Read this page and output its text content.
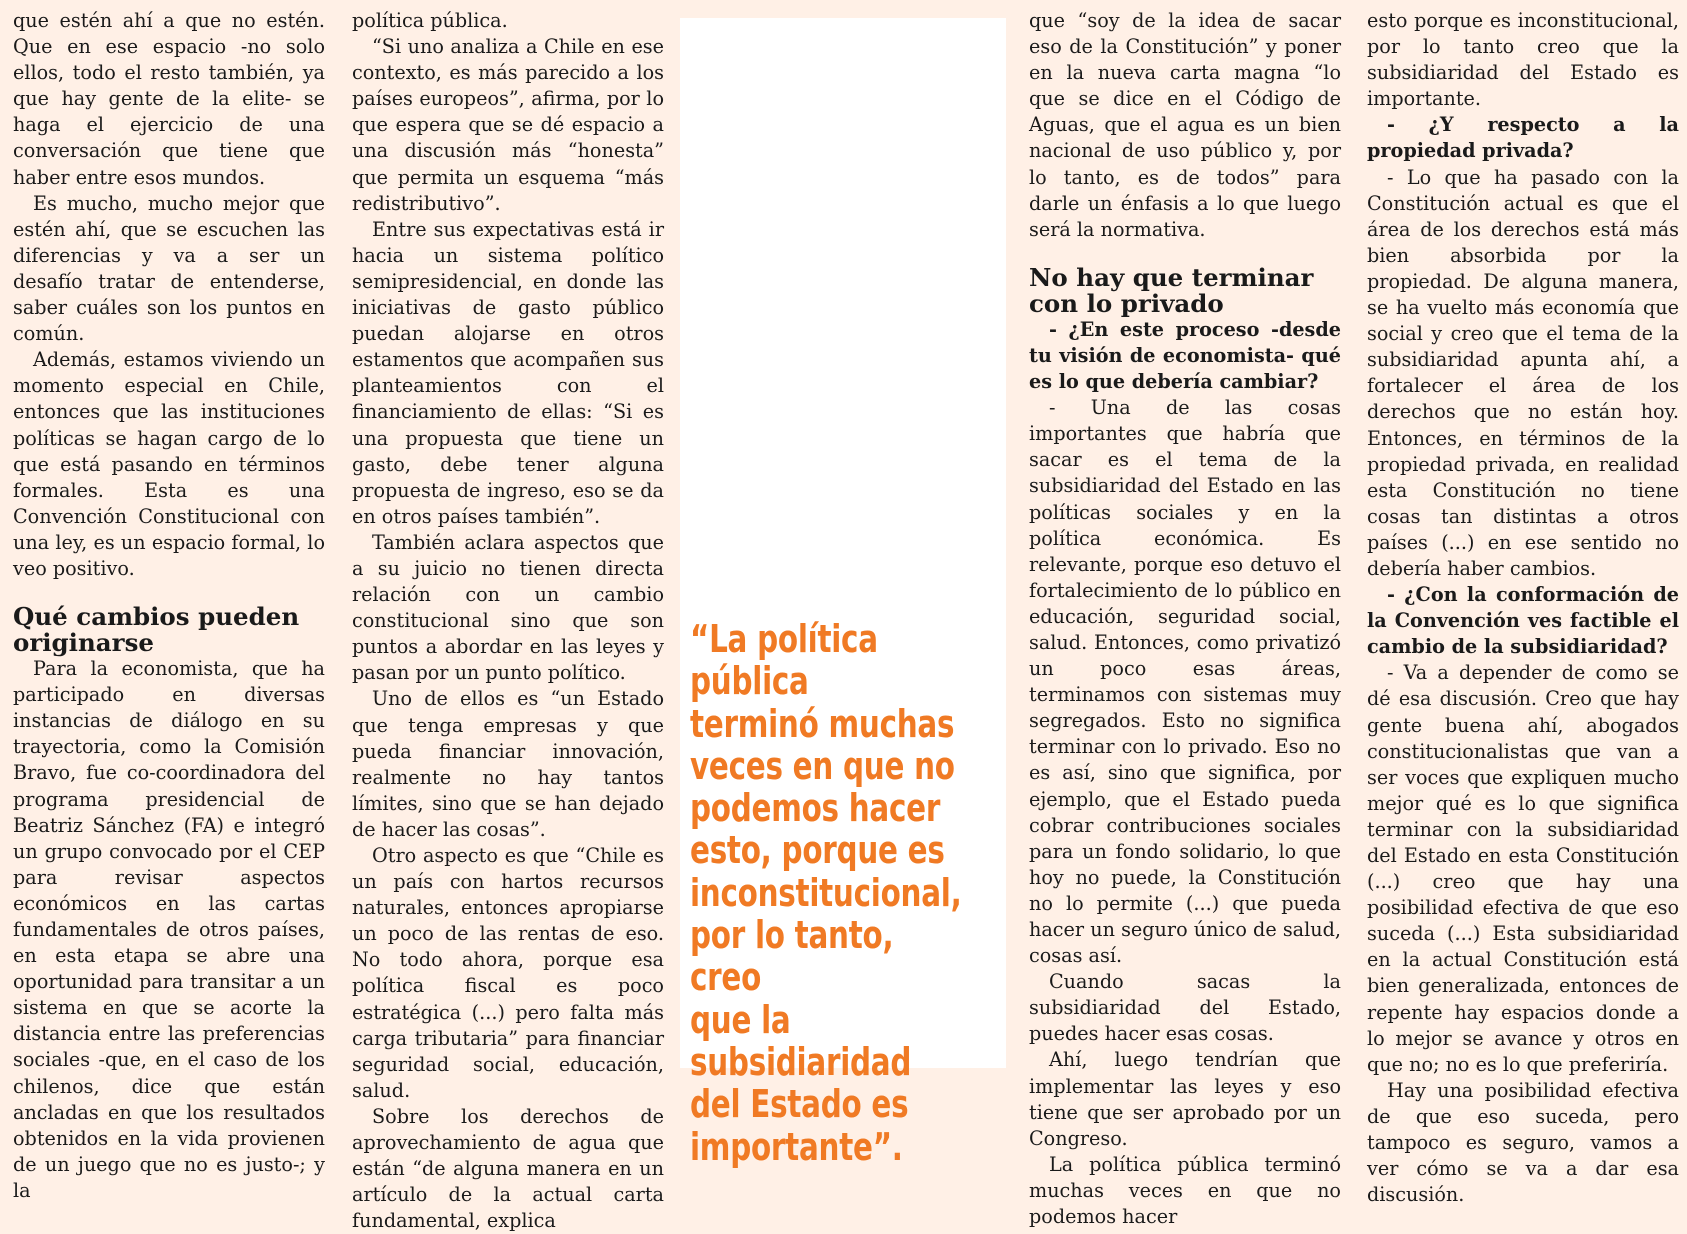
que estén ahí a que no estén. Que en ese espacio -no solo ellos, todo el resto también, ya que hay gente de la elite- se haga el ejercicio de una conversación que tiene que haber entre esos mundos.

Es mucho, mucho mejor que estén ahí, que se escuchen las diferencias y va a ser un desafío tratar de entenderse, saber cuáles son los puntos en común.

Además, estamos viviendo un momento especial en Chile, entonces que las instituciones políticas se hagan cargo de lo que está pasando en términos formales. Esta es una Convención Constitucional con una ley, es un espacio formal, lo veo positivo.

Qué cambios pueden originarse

Para la economista, que ha participado en diversas instancias de diálogo en su trayectoria, como la Comisión Bravo, fue co-coordinadora del programa presidencial de Beatriz Sánchez (FA) e integró un grupo convocado por el CEP para revisar aspectos económicos en las cartas fundamentales de otros países, en esta etapa se abre una oportunidad para transitar a un sistema en que se acorte la distancia entre las preferencias sociales -que, en el caso de los chilenos, dice que están ancladas en que los resultados obtenidos en la vida provienen de un juego que no es justo-; y la

política pública.

“Si uno analiza a Chile en ese contexto, es más parecido a los países europeos”, afirma, por lo que espera que se dé espacio a una discusión más “honesta” que permita un esquema “más redistributivo”.

Entre sus expectativas está ir hacia un sistema político semipresidencial, en donde las iniciativas de gasto público puedan alojarse en otros estamentos que acompañen sus planteamientos con el financiamiento de ellas: “Si es una propuesta que tiene un gasto, debe tener alguna propuesta de ingreso, eso se da en otros países también”.

También aclara aspectos que a su juicio no tienen directa relación con un cambio constitucional sino que son puntos a abordar en las leyes y pasan por un punto político.

Uno de ellos es “un Estado que tenga empresas y que pueda financiar innovación, realmente no hay tantos límites, sino que se han dejado de hacer las cosas”.

Otro aspecto es que “Chile es un país con hartos recursos naturales, entonces apropiarse un poco de las rentas de eso. No todo ahora, porque esa política fiscal es poco estratégica (...) pero falta más carga tributaria” para financiar seguridad social, educación, salud.

Sobre los derechos de aprovechamiento de agua que están “de alguna manera en un artículo de la actual carta fundamental, explica

“La política pública
terminó muchas
veces en que no
podemos hacer
esto, porque es
inconstitucional,
por lo tanto, creo
que la subsidiaridad
del Estado es
importante”.

que “soy de la idea de sacar eso de la Constitución” y poner en la nueva carta magna “lo que se dice en el Código de Aguas, que el agua es un bien nacional de uso público y, por lo tanto, es de todos” para darle un énfasis a lo que luego será la normativa.

No hay que terminar con lo privado

- ¿En este proceso -desde tu visión de economista- qué es lo que debería cambiar?

- Una de las cosas importantes que habría que sacar es el tema de la subsidiaridad del Estado en las políticas sociales y en la política económica. Es relevante, porque eso detuvo el fortalecimiento de lo público en educación, seguridad social, salud. Entonces, como privatizó un poco esas áreas, terminamos con sistemas muy segregados. Esto no significa terminar con lo privado. Eso no es así, sino que significa, por ejemplo, que el Estado pueda cobrar contribuciones sociales para un fondo solidario, lo que hoy no puede, la Constitución no lo permite (...) que pueda hacer un seguro único de salud, cosas así.

Cuando sacas la subsidiaridad del Estado, puedes hacer esas cosas.

Ahí, luego tendrían que implementar las leyes y eso tiene que ser aprobado por un Congreso.

La política pública terminó muchas veces en que no podemos hacer

esto porque es inconstitucional, por lo tanto creo que la subsidiaridad del Estado es importante.

- ¿Y respecto a la propiedad privada?

- Lo que ha pasado con la Constitución actual es que el área de los derechos está más bien absorbida por la propiedad. De alguna manera, se ha vuelto más economía que social y creo que el tema de la subsidiaridad apunta ahí, a fortalecer el área de los derechos que no están hoy. Entonces, en términos de la propiedad privada, en realidad esta Constitución no tiene cosas tan distintas a otros países (...) en ese sentido no debería haber cambios.

- ¿Con la conformación de la Convención ves factible el cambio de la subsidiaridad?

- Va a depender de como se dé esa discusión. Creo que hay gente buena ahí, abogados constitucionalistas que van a ser voces que expliquen mucho mejor qué es lo que significa terminar con la subsidiaridad del Estado en esta Constitución (...) creo que hay una posibilidad efectiva de que eso suceda (...) Esta subsidiaridad en la actual Constitución está bien generalizada, entonces de repente hay espacios donde a lo mejor se avance y otros en que no; no es lo que preferiría.

Hay una posibilidad efectiva de que eso suceda, pero tampoco es seguro, vamos a ver cómo se va a dar esa discusión.
